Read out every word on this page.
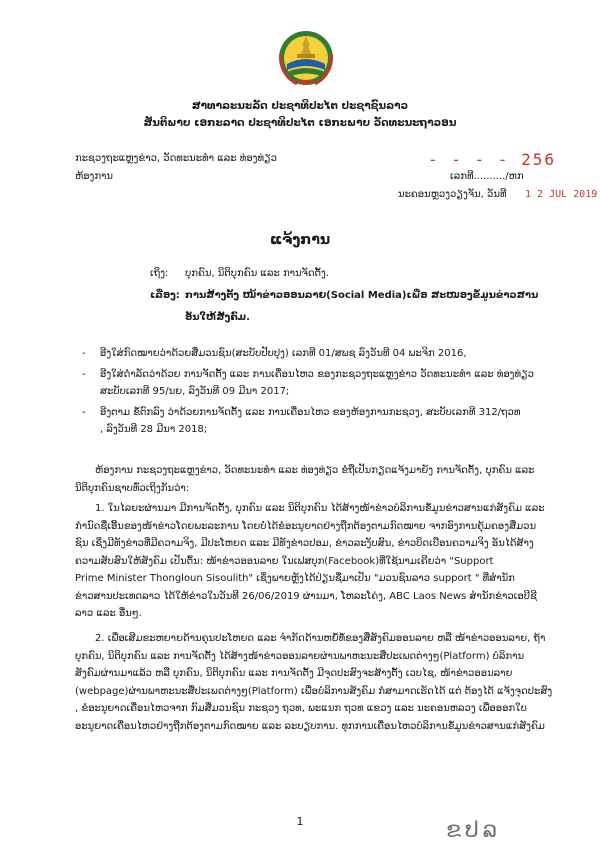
ສາທາລະນະລັດ ປະຊາທິປະໄຕ ປະຊາຊົນລາວ
ສັນຕິພາບ ເອກະລາດ ປະຊາທິປະໄຕ ເອກະພາບ ວັດທະນະຖາວອນ
ກະຊວງຖະແຫຼງຂ່າວ, ວັດທະນະທຳ ແລະ ທ່ອງທ່ຽວ
ຫ້ອງການ
- - - - 256
ເລກທີ........../ຫກ
ນະຄອນຫຼວງວຽງຈັນ, ວັນທີ 1 2 JUL 2019
ແຈ້ງການ
ເຖິງ: ບຸກຄົນ, ນິຕິບຸກຄົນ ແລະ ການຈັດຕັ້ງ.
ເລື່ອງ: ການສ້າງຕັ້ງ ໜ້າຂ່າວອອນລາຍ(Social Media)ເພື່ອ ສະໜອງຂໍ້ມູນຂ່າວສານ
ອັນໃຫ້ສັງຄົມ.
- ອີງໃສ່ກົດໝາຍວ່າດ້ວຍສື່ມວນຊົນ(ສະບັບປັບປຸງ) ເລກທີ 01/ສພຊ ລົງວັນທີ 04 ພະຈິກ 2016,
- ອີງໃສ່ດຳລັດວ່າດ້ວຍ ການຈັດຕັ້ງ ແລະ ການເຄື່ອນໄຫວ ຂອງກະຊວງຖະແຫຼງຂ່າວ ວັດທະນະທຳ ແລະ ທ່ອງທ່ຽວ
ສະບັບເລກທີ 95/ນຍ, ລົງວັນທີ 09 ມີນາ 2017;
- ອີງຕາມ ຂໍ້ຕົກລົງ ວ່າດ້ວຍການຈັດຕັ້ງ ແລະ ການເຄື່ອນໄຫວ ຂອງຫ້ອງການກະຊວງ, ສະບັບເລກທີ 312/ຖວທ
, ລົງວັນທີ 28 ມີນາ 2018;
ຫ້ອງການ ກະຊວງຖະແຫຼງຂ່າວ, ວັດທະນະທຳ ແລະ ທ່ອງທ່ຽວ ຂໍຖືເປັນກຽດແຈ້ງມາຍັງ ການຈັດຕັ້ງ, ບຸກຄົນ ແລະ
ນິຕິບຸກຄົນຊາບທົ່ວເຖິງກັນວ່າ:
1. ໃນໄລຍະຜ່ານມາ ມີການຈັດຕັ້ງ, ບຸກຄົນ ແລະ ນິຕິບຸກຄົນ ໄດ້ສ້າງໜ້າຂ່າວບໍລິການຂໍ້ມູນຂ່າວສານແກ່ສັງຄົມ ແລະ
ກຳນົດຊື່ເອີ້ນຂອງໜ້າຂ່າວໂດຍພະລະການ ໂດຍບໍ່ໄດ້ຂໍອະນຸຍາດຢ່າງຖືກຕ້ອງຕາມກົດໝາຍ ຈາກອົງການຄຸ້ມຄອງສື່ມວນ
ຊົນ ເຊິ່ງມີທັງຂ່າວທີ່ມີຄວາມຈິງ, ມີປະໂຫຍດ ແລະ ມີທັງຂ່າວປອມ, ຂ່າວລະງັບສົນ, ຂ່າວບິດເບືອນຄວາມຈິງ ອັນໄດ້ສ້າງ
ຄວາມສັບສົນໃຫ້ສັງຄົມ ເປັນຕົ້ນ: ໜ້າຂ່າວອອນລາຍ ໃນເຟສບຸກ(Facebook)ທີ່ໃຊ້ນາມເຄີຍວ່າ "Support
Prime Minister Thongloun Sisoulith" ເຊິ່ງພາຍຫຼັງໄດ້ປ່ຽນຊື່ມາເປັນ "ມວນຊົນລາວ support " ທີ່ສຳນັກ
ຂ່າວສານປະເທດລາວ ໄດ້ໃຫ້ຂ່າວໃນວັນທີ 26/06/2019 ຜ່ານມາ, ໂຫລະໂຄ່ງ, ABC Laos News ສຳນັກຂ່າວເອບີຊີ
ລາວ ແລະ ອື່ນໆ.
2. ເພື່ອເສີມຂະຫຍາຍດ້ານຄຸນປະໂຫຍດ ແລະ ຈຳກັດດ້ານຫຍໍ້ທໍ້ຂອງສື່ສັງຄົມອອນລາຍ ຫລື ໜ້າຂ່າວອອນລາຍ, ຖ້າ
ບຸກຄົນ, ນິຕິບຸກຄົນ ແລະ ການຈັດຕັ້ງ ໄດ້ສ້າງໜ້າຂ່າວອອນລາຍຜ່ານພາຫະນະສື່ປະເພດຕ່າງໆ(Platform) ບໍລິການ
ສັງຄົມຜ່ານມາແລ້ວ ຫລື ບຸກຄົນ, ນິຕິບຸກຄົນ ແລະ ການຈັດຕັ້ງ ມີຈຸດປະສົງຈະສ້າງຕັ້ງ ເວບໄຊ, ໜ້າຂ່າວອອນລາຍ
(webpage)ຜ່ານພາຫະນະສື່ປະເພດຕ່າງໆ(Platform) ເພື່ອບໍລິການສັງຄົມ ກໍສາມາດເຮັດໄດ້ ແຕ່ ຕ້ອງໄດ້ ແຈ້ງຈຸດປະສົງ
, ຂໍອະນຸຍາດເຄື່ອນໄຫວຈາກ ກົມສື່ມວນຊົນ ກະຊວງ ຖວທ, ພະແນກ ຖວທ ແຂວງ ແລະ ນະຄອນຫລວງ ເພື່ອອອກໃບ
ອະນຸຍາດເຄື່ອນໄຫວຢ່າງຖືກຕ້ອງຕາມກົດໝາຍ ແລະ ລະບຽບການ. ທຸກການເຄື່ອນໄຫວບໍລິການຂໍ້ມູນຂ່າວສານແກ່ສັງຄົມ
1	ຂປລ
